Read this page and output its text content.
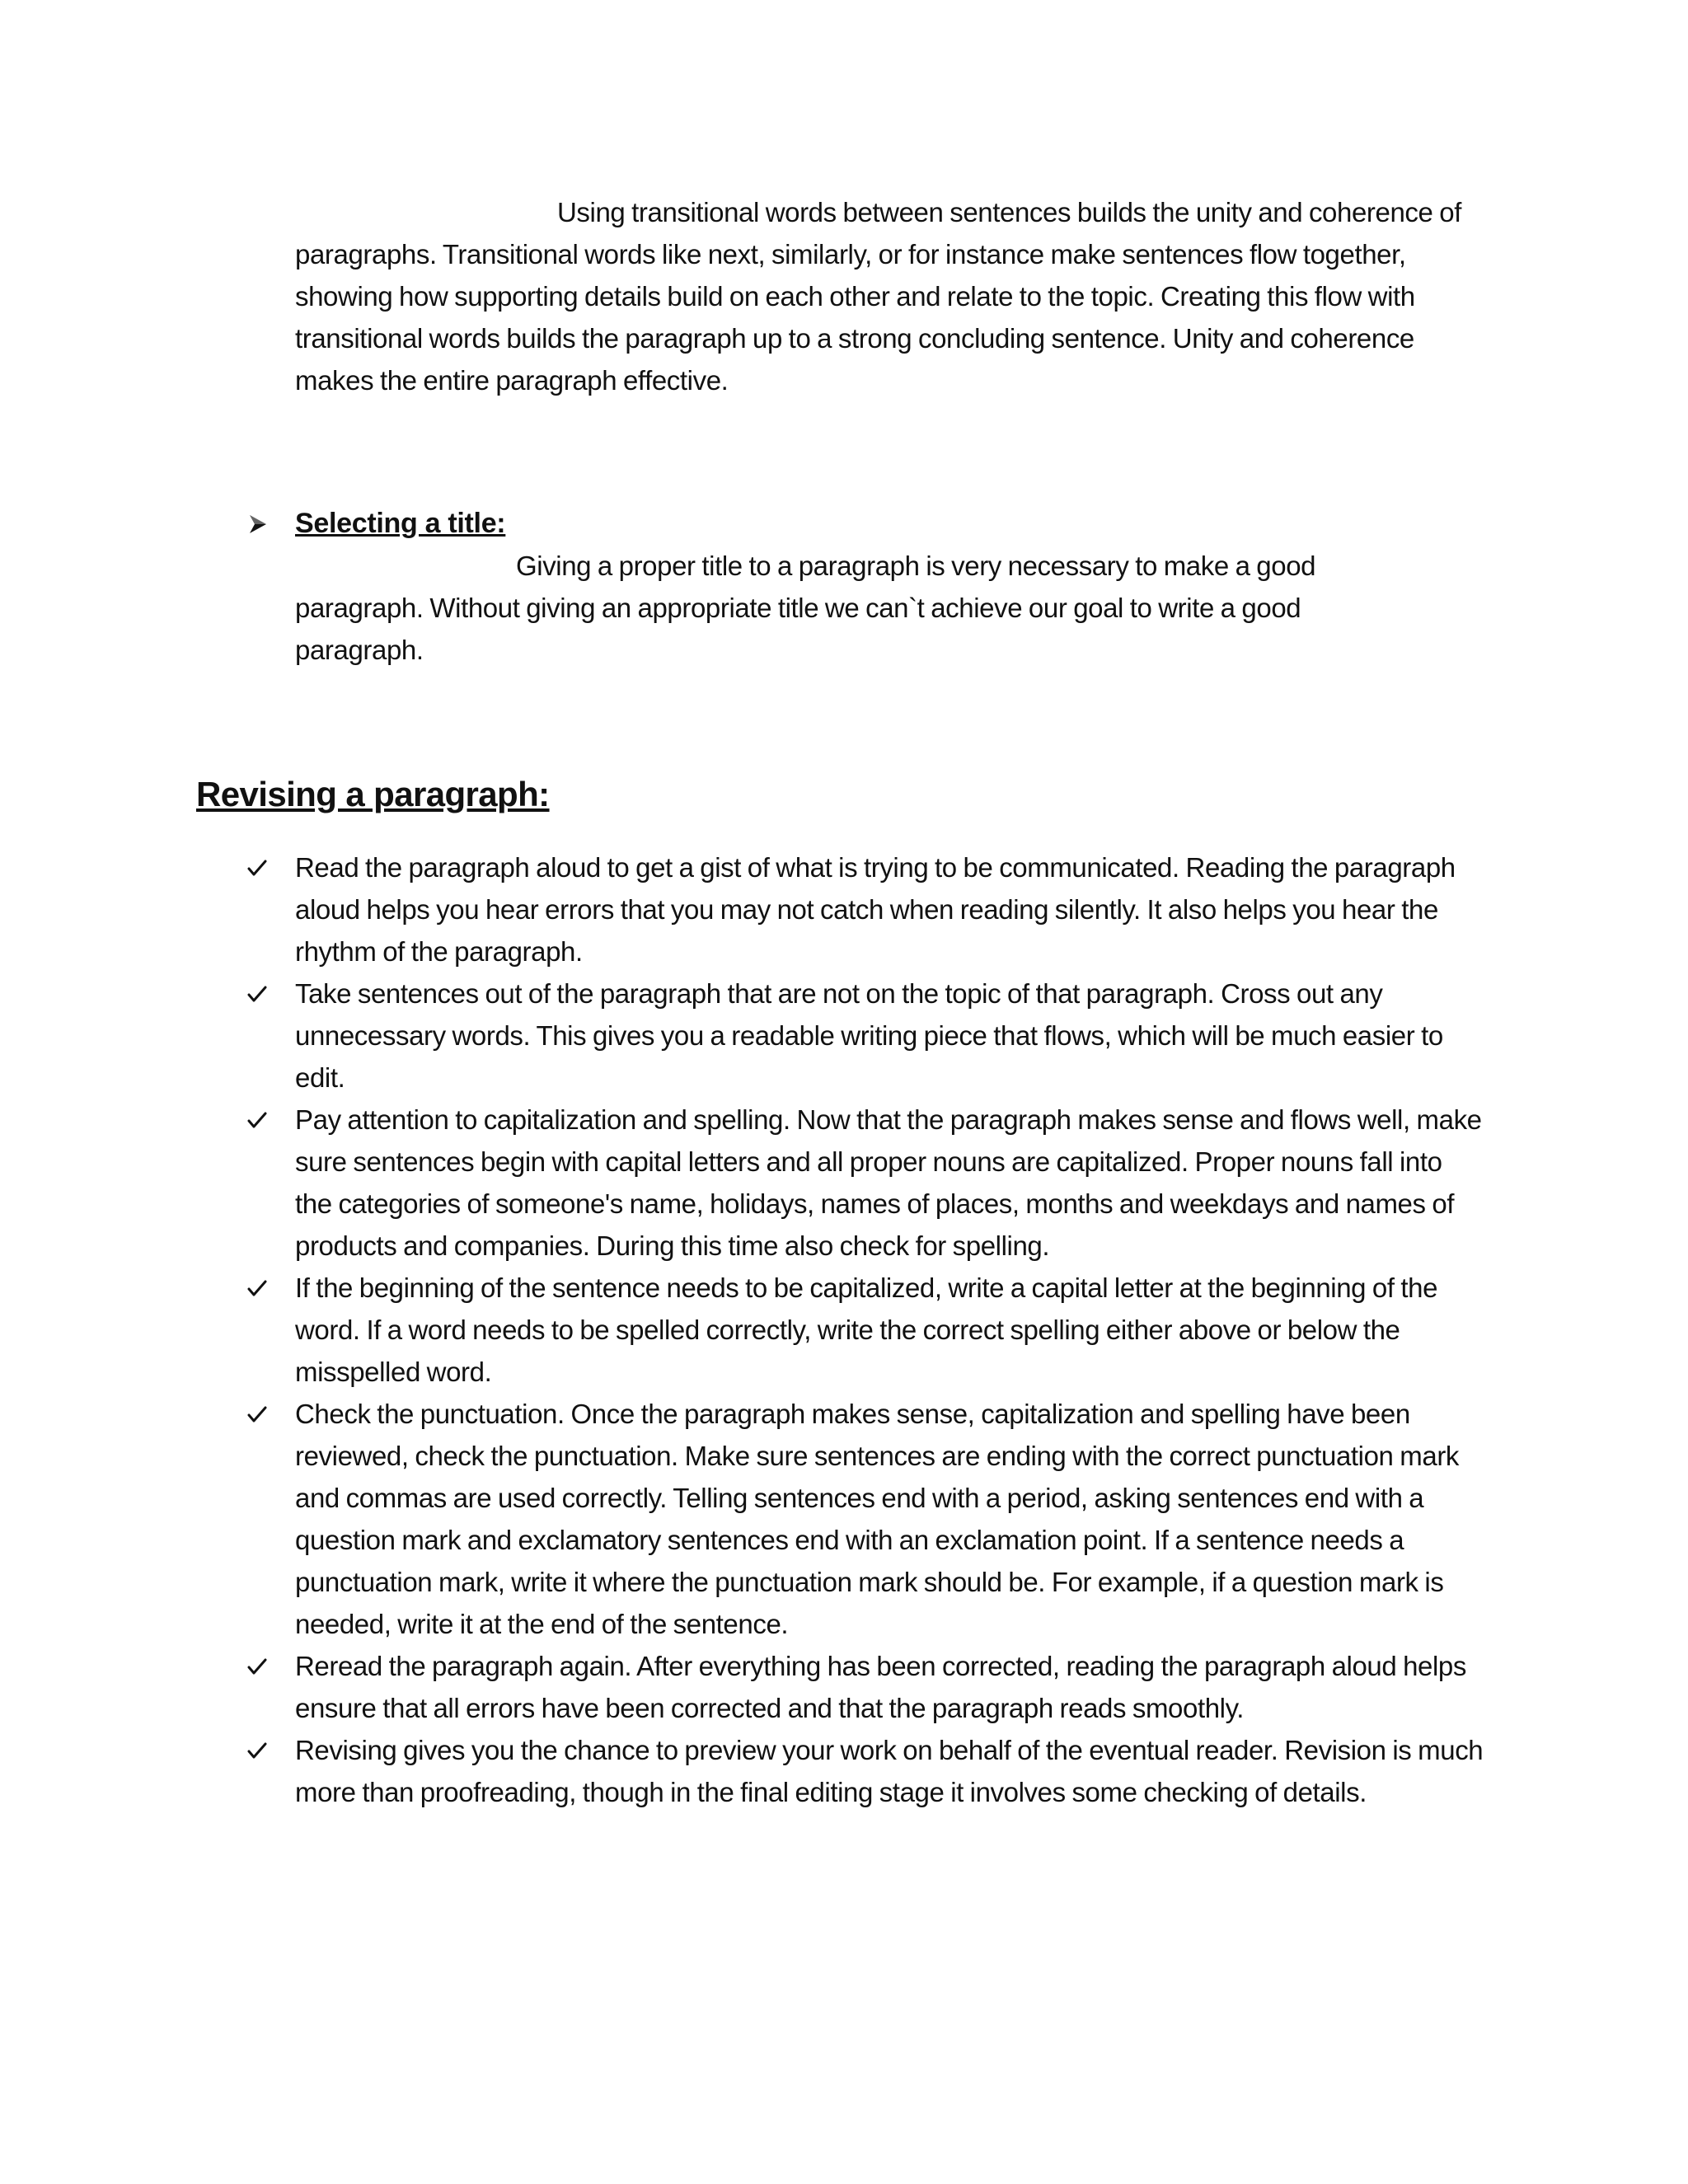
Using transitional words between sentences builds the unity and coherence of paragraphs. Transitional words like next, similarly, or for instance make sentences flow together, showing how supporting details build on each other and relate to the topic. Creating this flow with transitional words builds the paragraph up to a strong concluding sentence. Unity and coherence makes the entire paragraph effective.

Selecting a title:

Giving a proper title to a paragraph is very necessary to make a good paragraph. Without giving an appropriate title we can`t achieve our goal to write a good paragraph.

Revising a paragraph:
Read the paragraph aloud to get a gist of what is trying to be communicated. Reading the paragraph aloud helps you hear errors that you may not catch when reading silently. It also helps you hear the rhythm of the paragraph.
Take sentences out of the paragraph that are not on the topic of that paragraph. Cross out any unnecessary words. This gives you a readable writing piece that flows, which will be much easier to edit.
Pay attention to capitalization and spelling. Now that the paragraph makes sense and flows well, make sure sentences begin with capital letters and all proper nouns are capitalized. Proper nouns fall into the categories of someone's name, holidays, names of places, months and weekdays and names of products and companies. During this time also check for spelling.
If the beginning of the sentence needs to be capitalized, write a capital letter at the beginning of the word. If a word needs to be spelled correctly, write the correct spelling either above or below the misspelled word.
Check the punctuation. Once the paragraph makes sense, capitalization and spelling have been reviewed, check the punctuation. Make sure sentences are ending with the correct punctuation mark and commas are used correctly. Telling sentences end with a period, asking sentences end with a question mark and exclamatory sentences end with an exclamation point. If a sentence needs a punctuation mark, write it where the punctuation mark should be. For example, if a question mark is needed, write it at the end of the sentence.
Reread the paragraph again. After everything has been corrected, reading the paragraph aloud helps ensure that all errors have been corrected and that the paragraph reads smoothly.
Revising gives you the chance to preview your work on behalf of the eventual reader. Revision is much more than proofreading, though in the final editing stage it involves some checking of details.
